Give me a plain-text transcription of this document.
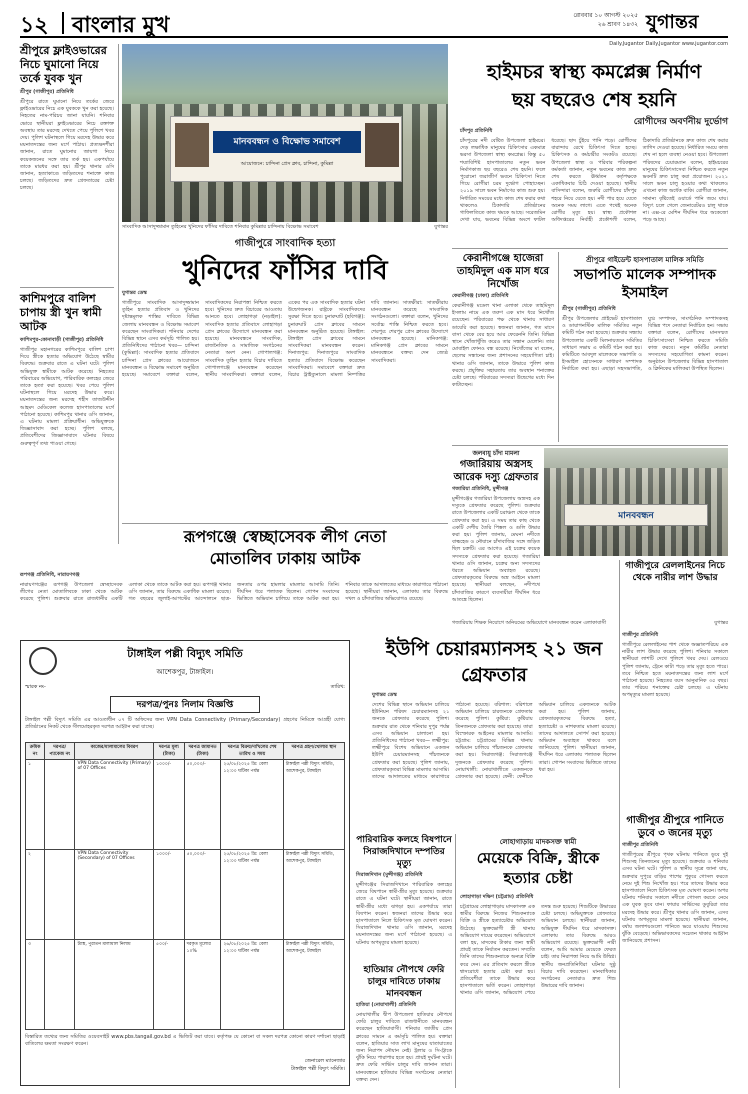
১২ বাংলার মুখ	রোববার ১০ আগস্ট ২০২৫
২৬ শ্রাবণ ১৪৩২ যুগান্তর
Daily.Jugantor Daily.Jugantor www.jugantor.com
শ্রীপুরে ফ্লাইওভারের নিচে ঘুমানো নিয়ে তর্কে যুবক খুন
শ্রীপুর (গাজীপুর) প্রতিনিধি
শ্রীপুরে রাতে ঘুমানো নিয়ে তর্কের জেরে ফ্লাইওভারের নিচে এক যুবককে খুন করা হয়েছে। নিহতের নাম-পরিচয় জানা যায়নি। শনিবার ভোরে স্থানীয়রা ফ্লাইওভারের নিচে রক্তাক্ত অবস্থায় তার মরদেহ দেখতে পেয়ে পুলিশে খবর দেয়। পুলিশ ঘটনাস্থলে গিয়ে মরদেহ উদ্ধার করে ময়নাতদন্তের জন্য মর্গে পাঠায়। প্রত্যক্ষদর্শীরা জানান, রাতে ঘুমানোর জায়গা নিয়ে কয়েকজনের সঙ্গে তার তর্ক হয়। একপর্যায়ে তাকে মারধর করা হয়। শ্রীপুর থানার ওসি জানান, হত্যাকাণ্ডে জড়িতদের শনাক্তে কাজ চলছে। জড়িতদের দ্রুত গ্রেফতারের চেষ্টা চলছে।
কাশিমপুরে বালিশ চাপায় স্ত্রী খুন স্বামী আটক
কাশিমপুর-কোনাবাড়ী (গাজীপুর) প্রতিনিধি
গাজীপুর মহানগরের কাশিমপুরে বালিশ চাপা দিয়ে স্ত্রীকে হত্যার অভিযোগ উঠেছে স্বামীর বিরুদ্ধে। শুক্রবার রাতে এ ঘটনা ঘটে। পুলিশ অভিযুক্ত স্বামীকে আটক করেছে। নিহতের পরিবারের অভিযোগ, পারিবারিক কলহের জেরে তাকে হত্যা করা হয়েছে। খবর পেয়ে পুলিশ ঘটনাস্থলে গিয়ে মরদেহ উদ্ধার করে। ময়নাতদন্তের জন্য মরদেহ শহীদ তাজউদ্দীন আহমদ মেডিকেল কলেজ হাসপাতালের মর্গে পাঠানো হয়েছে। কাশিমপুর থানার ওসি জানান, এ ঘটনায় মামলা প্রক্রিয়াধীন। অভিযুক্তকে জিজ্ঞাসাবাদ করা হচ্ছে। পুলিশ বলছে, প্রতিবেশীদের জিজ্ঞাসাবাদে ঘটনার বিষয়ে গুরুত্বপূর্ণ তথ্য পাওয়া গেছে।
মানববন্ধন ও বিক্ষোভ সমাবেশ
আয়োজনে: চান্দিনা প্রেস ক্লাব, চান্দিনা, কুমিল্লা
সাংবাদিক আসাদুজ্জামান তুহিনের খুনিদের ফাঁসির দাবিতে শনিবার কুমিল্লার চান্দিনায় বিক্ষোভ সমাবেশ	যুগান্তর
গাজীপুরে সাংবাদিক হত্যা
খুনিদের ফাঁসির দাবি
যুগান্তর ডেস্ক
গাজীপুরে সাংবাদিক আসাদুজ্জামান তুহিন হত্যার প্রতিবাদ ও খুনিদের দৃষ্টান্তমূলক শাস্তির দাবিতে বিভিন্ন জেলায় মানববন্ধন ও বিক্ষোভ সমাবেশ করেছেন সাংবাদিকরা। শনিবার দেশের বিভিন্ন স্থানে এসব কর্মসূচি পালিত হয়। প্রতিনিধিদের পাঠানো খবর— চান্দিনা (কুমিল্লা): সাংবাদিক হত্যার প্রতিবাদে চান্দিনা প্রেস ক্লাবের আয়োজনে মানববন্ধন ও বিক্ষোভ সমাবেশ অনুষ্ঠিত হয়েছে। সমাবেশে বক্তারা বলেন, সাংবাদিকদের নিরাপত্তা নিশ্চিত করতে হবে। খুনিদের দ্রুত বিচারের আওতায় আনতে হবে। লোহাগড়া (নড়াইল): সাংবাদিক হত্যার প্রতিবাদে লোহাগড়া প্রেস ক্লাবের উদ্যোগে মানববন্ধন করা হয়েছে। মানববন্ধনে সাংবাদিক, রাজনৈতিক ও সামাজিক সংগঠনের নেতারা অংশ নেন। গোপালগঞ্জ: সাংবাদিক তুহিন হত্যার বিচার দাবিতে গোপালগঞ্জে মানববন্ধন করেছেন স্থানীয় সাংবাদিকরা। বক্তারা বলেন, একের পর এক সাংবাদিক হত্যার ঘটনা উদ্বেগজনক। রাষ্ট্রকে সাংবাদিকদের সুরক্ষা দিতে হবে। চুনারুঘাট (হবিগঞ্জ): চুনারুঘাট প্রেস ক্লাবের সামনে মানববন্ধন অনুষ্ঠিত হয়েছে। টাঙ্গাইল: টাঙ্গাইল প্রেস ক্লাবের সামনে সাংবাদিকরা মানববন্ধন করেন। দিনাজপুর: দিনাজপুরে সাংবাদিক হত্যার প্রতিবাদে বিক্ষোভ করেছেন সাংবাদিকরা। সমাবেশে বক্তারা দ্রুত বিচার ট্রাইব্যুনালে মামলা নিষ্পত্তির দাবি জানান। সাতক্ষীরা: সাতক্ষীরায় মানববন্ধন করেছে সাংবাদিক সংগঠনগুলো। বক্তারা বলেন, খুনিদের সর্বোচ্চ শাস্তি নিশ্চিত করতে হবে। শেরপুর: শেরপুর প্রেস ক্লাবের উদ্যোগে মানববন্ধন হয়েছে। মানিকগঞ্জ: মানিকগঞ্জ প্রেস ক্লাবের সামনে মানববন্ধনে বক্তব্য দেন জ্যেষ্ঠ সাংবাদিকরা।
রূপগঞ্জে স্বেচ্ছাসেবক লীগ নেতা মোতালিব ঢাকায় আটক
রূপগঞ্জ প্রতিনিধি, নারায়ণগঞ্জ
নারায়ণগঞ্জের রূপগঞ্জ উপজেলা স্বেচ্ছাসেবক লীগের নেতা মোতালিবকে ঢাকা থেকে আটক করেছে পুলিশ। শুক্রবার রাতে রাজধানীর একটি এলাকা থেকে তাকে আটক করা হয়। রূপগঞ্জ থানার ওসি জানান, তার বিরুদ্ধে একাধিক মামলা রয়েছে। গত বছরের জুলাই-আগস্টের আন্দোলনে ছাত্র-জনতার ওপর হামলার মামলার আসামি তিনি। দীর্ঘদিন ধরে পলাতক ছিলেন। গোপন সংবাদের ভিত্তিতে অভিযান চালিয়ে তাকে আটক করা হয়। শনিবার তাকে আদালতের মাধ্যমে কারাগারে পাঠানো হয়েছে। স্থানীয়রা জানান, এলাকায় তার বিরুদ্ধে দখল ও চাঁদাবাজির অভিযোগও রয়েছে।
টাঙ্গাইল পল্লী বিদ্যুৎ সমিতি
আশেকপুর, টাঙ্গাইল।
স্মারক নং-	তারিখ:
দরপত্র/পুনঃ নিলাম বিজ্ঞপ্তি
টাঙ্গাইল পল্লী বিদ্যুৎ সমিতি এর আওতাধীন ০৭ টি অফিসের জন্য VPN Data Connectivity (Primary/Secondary) গ্রহণের নিমিত্তে আগ্রহী যোগ্য প্রতিষ্ঠানের নিকট থেকে সীলমোহরকৃত দরপত্র আহ্বান করা যাচ্ছে।
ক্রমিক নং	দরপত্র/প্যাকেজ নং	কাজের/মালামালের বিবরণ	দরপত্র মূল্য (টাকা)	দরপত্র জামানত (টাকা)	দরপত্র বিক্রয়/দাখিলের শেষ তারিখ ও সময়	দরপত্র গ্রহণ/খোলার স্থান
১		VPN Data Connectivity (Primary) of 07 Offices	১০০০/-	৫০,০০০/-	২৫/০৮/২০২৫ খ্রি: বেলা ১২:০০ ঘটিকা পর্যন্ত	টাঙ্গাইল পল্লী বিদ্যুৎ সমিতি, আশেকপুর, টাঙ্গাইল
২		VPN Data Connectivity (Secondary) of 07 Offices	১০০০/-	৫০,০০০/-	২৫/০৮/২০২৫ খ্রি: বেলা ১২:০০ ঘটিকা পর্যন্ত	টাঙ্গাইল পল্লী বিদ্যুৎ সমিতি, আশেকপুর, টাঙ্গাইল
৩		ট্যাঙ্ক, পুরাতন মালামাল নিলাম	৫০০/-	দরকৃত মূল্যের ১০%	২৬/০৮/২০২৫ খ্রি: বেলা ১২:০০ ঘটিকা পর্যন্ত	টাঙ্গাইল পল্লী বিদ্যুৎ সমিতি, আশেকপুর, টাঙ্গাইল
বিস্তারিত তথ্যের জন্য সমিতির ওয়েবসাইট www.pbs.tangail.gov.bd এ ভিজিট করা যাবে। কর্তৃপক্ষ যে কোনো বা সকল দরপত্র কোনো কারণ দর্শানো ছাড়াই বাতিলের ক্ষমতা সংরক্ষণ করেন।
জেনারেল ম্যানেজার
টাঙ্গাইল পল্লী বিদ্যুৎ সমিতি।
হাইমচর স্বাস্থ্য কমপ্লেক্স নির্মাণ
ছয় বছরেও শেষ হয়নি
রোগীদের অবর্ণনীয় দুর্ভোগ
চাঁদপুর প্রতিনিধি
চাঁদপুরের নদী বেষ্টিত উপজেলা হাইমচর। দেড় লক্ষাধিক মানুষের চিকিৎসার একমাত্র ভরসা উপজেলা স্বাস্থ্য কমপ্লেক্স। কিন্তু ৫০ শয্যাবিশিষ্ট হাসপাতালের নতুন ভবন নির্মাণকাজ ছয় বছরেও শেষ হয়নি। ফলে পুরোনো জরাজীর্ণ ভবনে চিকিৎসা নিতে গিয়ে রোগীরা চরম দুর্ভোগ পোহাচ্ছেন। ২০১৯ সালে ভবন নির্মাণের কাজ শুরু হয়। নির্ধারিত সময়ের মধ্যে কাজ শেষ করার কথা থাকলেও ঠিকাদারি প্রতিষ্ঠানের গাফিলতিতে কাজ থমকে আছে। সরেজমিন দেখা যায়, ভবনের বিভিন্ন অংশে ফাটল ধরেছে। ছাদ চুঁইয়ে পানি পড়ে। রোগীদের বারান্দায় রেখে চিকিৎসা দিতে হচ্ছে। চিকিৎসক ও কর্মচারীর সংকটও রয়েছে। উপজেলা স্বাস্থ্য ও পরিবার পরিকল্পনা কর্মকর্তা জানান, নতুন ভবনের কাজ দ্রুত শেষ করতে ঊর্ধ্বতন কর্তৃপক্ষকে একাধিকবার চিঠি দেওয়া হয়েছে। স্থানীয় বাসিন্দারা বলেন, জরুরি রোগীদের চাঁদপুর শহরে নিয়ে যেতে হয়। নদী পার হয়ে যেতে অনেক সময় লাগে। এতে পথেই অনেক রোগীর মৃত্যু হয়। স্বাস্থ্য প্রকৌশল অধিদপ্তরের নির্বাহী প্রকৌশলী বলেন, ঠিকাদারি প্রতিষ্ঠানকে দ্রুত কাজ শেষ করার তাগিদ দেওয়া হয়েছে। নির্ধারিত সময়ে কাজ শেষ না হলে ব্যবস্থা নেওয়া হবে। উপজেলা পরিষদের চেয়ারম্যান বলেন, হাইমচরের মানুষের চিকিৎসাসেবা নিশ্চিত করতে নতুন ভবনটি দ্রুত চালু করা প্রয়োজন। ২০২১ সালে ভবন চালু হওয়ার কথা থাকলেও এখনো কাজ অর্ধেক বাকি। রোগীরা জানান, সামান্য বৃষ্টিতেই ওয়ার্ডে পানি জমে যায়। বিদ্যুৎ চলে গেলে জেনারেটরও চালু থাকে না। এক্স-রে মেশিন দীর্ঘদিন ধরে অকেজো পড়ে আছে।
কেরানীগঞ্জে হাজেরা তাহমিদুল এক মাস ধরে নিখোঁজ
কেরানীগঞ্জ (ঢাকা) প্রতিনিধি
কেরানীগঞ্জ মডেল থানা এলাকা থেকে তাহমিদুল ইসলাম নামে এক তরুণ এক মাস ধরে নিখোঁজ রয়েছেন। পরিবারের পক্ষ থেকে থানায় সাধারণ ডায়েরি করা হয়েছে। স্বজনরা জানান, গত মাসে বাসা থেকে বের হয়ে আর ফেরেননি তিনি। বিভিন্ন স্থানে খোঁজাখুঁজি করেও তার সন্ধান মেলেনি। তার মোবাইল ফোনও বন্ধ রয়েছে। নিখোঁজের মা বলেন, ছেলের সন্ধানের জন্য প্রশাসনের সহযোগিতা চাই। থানার ওসি জানান, তাকে উদ্ধারে পুলিশ কাজ করছে। প্রযুক্তির সহায়তায় তার অবস্থান শনাক্তের চেষ্টা চলছে। পরিবারের সদস্যরা উদ্বেগের মধ্যে দিন কাটাচ্ছেন।
শ্রীপুরে গাইডেন্ট হাসপাতাল মালিক সমিতি
সভাপতি মালেক সম্পাদক ইসমাইল
শ্রীপুর (গাজীপুর) প্রতিনিধি
শ্রীপুর উপজেলার প্রাইভেট হাসপাতাল ও ডায়াগনস্টিক মালিক সমিতির নতুন কমিটি গঠন করা হয়েছে। শুক্রবার সন্ধ্যায় উপজেলার একটি মিলনায়তনে সমিতির সাধারণ সভায় এ কমিটি গঠন করা হয়। কমিটিতে আবদুল মালেককে সভাপতি ও ইসমাইল হোসেনকে সাধারণ সম্পাদক নির্বাচিত করা হয়। এছাড়া সহসভাপতি, যুগ্ম সম্পাদক, সাংগঠনিক সম্পাদকসহ বিভিন্ন পদে নেতারা নির্বাচিত হন। সভায় বক্তারা বলেন, রোগীদের মানসম্মত চিকিৎসাসেবা নিশ্চিত করতে সমিতি কাজ করবে। নতুন কমিটির নেতারা সদস্যদের সহযোগিতা কামনা করেন। অনুষ্ঠানে উপজেলার বিভিন্ন হাসপাতাল ও ক্লিনিকের মালিকরা উপস্থিত ছিলেন।
জলবায়ু চাঁদা মামলা
গজারিয়ায় অস্ত্রসহ আরেক দস্যু গ্রেফতার
গজারিয়া প্রতিনিধি, মুন্সীগঞ্জ
মুন্সীগঞ্জের গজারিয়া উপজেলায় অস্ত্রসহ এক দস্যুকে গ্রেফতার করেছে পুলিশ। শুক্রবার রাতে উপজেলার একটি চরাঞ্চল থেকে তাকে গ্রেফতার করা হয়। এ সময় তার কাছ থেকে একটি দেশীয় তৈরি পিস্তল ও গুলি উদ্ধার করা হয়। পুলিশ জানায়, মেঘনা নদীতে বাল্কহেড ও নৌযানে চাঁদাবাজির সঙ্গে জড়িত ছিল চক্রটি। এর আগেও এই চক্রের কয়েক সদস্যকে গ্রেফতার করা হয়েছে। গজারিয়া থানার ওসি জানান, চক্রের অন্য সদস্যদের ধরতে অভিযান অব্যাহত রয়েছে। গ্রেফতারকৃতের বিরুদ্ধে অস্ত্র আইনে মামলা হয়েছে। স্থানীয়রা বলছেন, নদীপথে চাঁদাবাজির কারণে ব্যবসায়ীরা দীর্ঘদিন ধরে আতঙ্কে ছিলেন।
মানববন্ধন
গজারিয়ায় শিক্ষক নিয়োগে অনিয়মের অভিযোগে মানববন্ধন করেন এলাকাবাসী	যুগান্তর
গাজীপুরে রেললাইনের নিচে থেকে নারীর লাশ উদ্ধার
গাজীপুর প্রতিনিধি
গাজীপুরে রেললাইনের পাশ থেকে অজ্ঞাতপরিচয় এক নারীর লাশ উদ্ধার করেছে পুলিশ। শনিবার সকালে স্থানীয়রা লাশটি দেখে পুলিশে খবর দেয়। রেলওয়ে পুলিশ জানায়, ট্রেনে কাটা পড়ে তার মৃত্যু হতে পারে। তবে নিশ্চিত হতে ময়নাতদন্তের জন্য লাশ মর্গে পাঠানো হয়েছে। নিহতের বয়স আনুমানিক ৩৫ বছর। তার পরিচয় শনাক্তের চেষ্টা চলছে। এ ঘটনায় অপমৃত্যুর মামলা হয়েছে।
ইউপি চেয়ারম্যানসহ ২১ জন গ্রেফতার
যুগান্তর ডেস্ক
দেশের বিভিন্ন স্থানে অভিযান চালিয়ে ইউনিয়ন পরিষদ চেয়ারম্যানসহ ২১ জনকে গ্রেফতার করেছে পুলিশ। শুক্রবার রাত থেকে শনিবার দুপুর পর্যন্ত এসব অভিযান চালানো হয়। প্রতিনিধিদের পাঠানো খবর— লক্ষ্মীপুর: লক্ষ্মীপুরে বিশেষ অভিযানে একজন ইউপি চেয়ারম্যানসহ পাঁচজনকে গ্রেফতার করা হয়েছে। পুলিশ জানায়, গ্রেফতারকৃতরা বিভিন্ন মামলার আসামি। তাদের আদালতের মাধ্যমে কারাগারে পাঠানো হয়েছে। বরিশাল: বরিশালে অভিযান চালিয়ে চারজনকে গ্রেফতার করেছে পুলিশ। কুষ্টিয়া: কুষ্টিয়ায় তিনজনকে গ্রেফতার করা হয়েছে। তারা বিস্ফোরক আইনের মামলার আসামি। চট্টগ্রাম: চট্টগ্রামের বিভিন্ন থানায় অভিযান চালিয়ে পাঁচজনকে গ্রেফতার করা হয়। সিরাজগঞ্জ: সিরাজগঞ্জে দুজনকে গ্রেফতার করেছে পুলিশ। নোয়াখালী: নোয়াখালীতে একজনকে গ্রেফতার করা হয়েছে। ফেনী: ফেনীতে অভিযান চালিয়ে একজনকে আটক করা হয়। পুলিশ জানায়, গ্রেফতারকৃতদের বিরুদ্ধে হত্যা, হত্যাচেষ্টা ও নাশকতার মামলা রয়েছে। তাদের আদালতে সোপর্দ করা হয়েছে। অভিযান অব্যাহত থাকবে বলে জানিয়েছে পুলিশ। স্থানীয়রা জানান, দীর্ঘদিন ধরে এলাকায় পলাতক ছিলেন তারা। গোপন সংবাদের ভিত্তিতে তাদের ধরা হয়।
পারিবারিক কলহে বিষপানে সিরাজদিখানে দম্পতির মৃত্যু
সিরাজদিখান (মুন্সীগঞ্জ) প্রতিনিধি
মুন্সীগঞ্জের সিরাজদিখানে পারিবারিক কলহের জেরে বিষপানে স্বামী-স্ত্রীর মৃত্যু হয়েছে। শুক্রবার রাতে এ ঘটনা ঘটে। স্থানীয়রা জানান, রাতে স্বামী-স্ত্রীর মধ্যে ঝগড়া হয়। একপর্যায়ে তারা বিষপান করেন। স্বজনরা তাদের উদ্ধার করে হাসপাতালে নিলে চিকিৎসক মৃত ঘোষণা করেন। সিরাজদিখান থানার ওসি জানান, মরদেহ ময়নাতদন্তের জন্য মর্গে পাঠানো হয়েছে। এ ঘটনায় অপমৃত্যুর মামলা হয়েছে।
হাতিয়ার নৌপথে ফেরি চালুর দাবিতে ঢাকায় মানববন্ধন
হাতিয়া (নোয়াখালী) প্রতিনিধি
নোয়াখালীর দ্বীপ উপজেলা হাতিয়ার নৌপথে ফেরি চালুর দাবিতে রাজধানীতে মানববন্ধন করেছেন হাতিয়াবাসী। শনিবার জাতীয় প্রেস ক্লাবের সামনে এ কর্মসূচি পালিত হয়। বক্তারা বলেন, হাতিয়ার সাত লাখ মানুষের যাতায়াতের জন্য নিরাপদ নৌযান নেই। ট্রলার ও সি-ট্রাকে ঝুঁকি নিয়ে পারাপার হতে হয়। প্রায়ই দুর্ঘটনা ঘটে। দ্রুত ফেরি সার্ভিস চালুর দাবি জানান তারা। মানববন্ধনে হাতিয়ার বিভিন্ন সংগঠনের নেতারা বক্তব্য দেন।
লোহাগাড়ায় মাদকসক্ত স্বামী
মেয়েকে বিক্রি, স্ত্রীকে হত্যার চেষ্টা
লোহাগাড়া দক্ষিণ (চট্টগ্রাম) প্রতিনিধি
চট্টগ্রামের লোহাগাড়ায় মাদকাসক্ত এক স্বামীর বিরুদ্ধে নিজের শিশুকন্যাকে বিক্রি ও স্ত্রীকে হত্যাচেষ্টার অভিযোগ উঠেছে। ভুক্তভোগী স্ত্রী থানায় অভিযোগ দায়ের করেছেন। অভিযোগে বলা হয়, মাদকের টাকার জন্য স্বামী প্রায়ই তাকে নির্যাতন করতেন। সম্প্রতি তিনি তাদের শিশুকন্যাকে অন্যত্র বিক্রি করে দেন। এর প্রতিবাদ করলে স্ত্রীকে শ্বাসরোধে হত্যার চেষ্টা করা হয়। প্রতিবেশীরা তাকে উদ্ধার করে হাসপাতালে ভর্তি করেন। লোহাগাড়া থানার ওসি জানান, অভিযোগ পেয়ে তদন্ত শুরু হয়েছে। শিশুটিকে উদ্ধারের চেষ্টা চলছে। অভিযুক্তকে গ্রেফতারে অভিযান চলছে। স্থানীয়রা জানান, অভিযুক্ত দীর্ঘদিন ধরে মাদকাসক্ত। এলাকায় তার বিরুদ্ধে আরও অভিযোগ রয়েছে। ভুক্তভোগী নারী বলেন, আমি আমার মেয়েকে ফেরত চাই। তার নিরাপত্তা নিয়ে আমি উদ্বিগ্ন। স্থানীয় জনপ্রতিনিধিরা ঘটনার সুষ্ঠু বিচার দাবি করেছেন। মানবাধিকার সংগঠনের নেতারাও দ্রুত শিশু উদ্ধারের দাবি জানান।
গাজীপুর শ্রীপুরে পানিতে ডুবে ৩ জনের মৃত্যু
গাজীপুর প্রতিনিধি
গাজীপুরের শ্রীপুরে পৃথক ঘটনায় পানিতে ডুবে দুই শিশুসহ তিনজনের মৃত্যু হয়েছে। শুক্রবার ও শনিবার এসব ঘটনা ঘটে। পুলিশ ও স্থানীয় সূত্রে জানা যায়, শুক্রবার দুপুরে বাড়ির পাশের পুকুরে গোসল করতে নেমে দুই শিশু নিখোঁজ হয়। পরে তাদের উদ্ধার করে হাসপাতালে নিলে চিকিৎসক মৃত ঘোষণা করেন। অপর ঘটনায় শনিবার সকালে নদীতে গোসল করতে নেমে এক যুবক ডুবে যান। ফায়ার সার্ভিসের ডুবুরিরা তার মরদেহ উদ্ধার করে। শ্রীপুর থানার ওসি জানান, এসব ঘটনায় অপমৃত্যুর মামলা হয়েছে। স্থানীয়রা জানান, বর্ষায় জলাশয়গুলো পানিতে ভরে যাওয়ায় শিশুদের ঝুঁকি বেড়েছে। অভিভাবকদের সচেতন থাকার আহ্বান জানিয়েছে প্রশাসন।
